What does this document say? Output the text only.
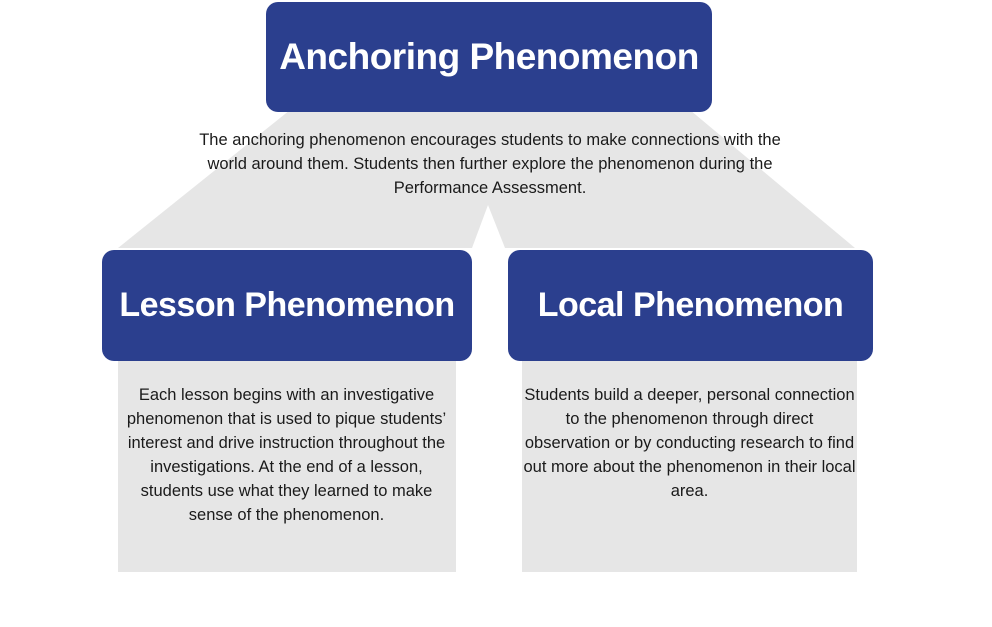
Anchoring Phenomenon
The anchoring phenomenon encourages students to make connections with the world around them. Students then further explore the phenomenon during the Performance Assessment.
Lesson Phenomenon
Each lesson begins with an investigative phenomenon that is used to pique students’ interest and drive instruction throughout the investigations. At the end of a lesson, students use what they learned to make sense of the phenomenon.
Local Phenomenon
Students build a deeper, personal connection to the phenomenon through direct observation or by conducting research to find out more about the phenomenon in their local area.
